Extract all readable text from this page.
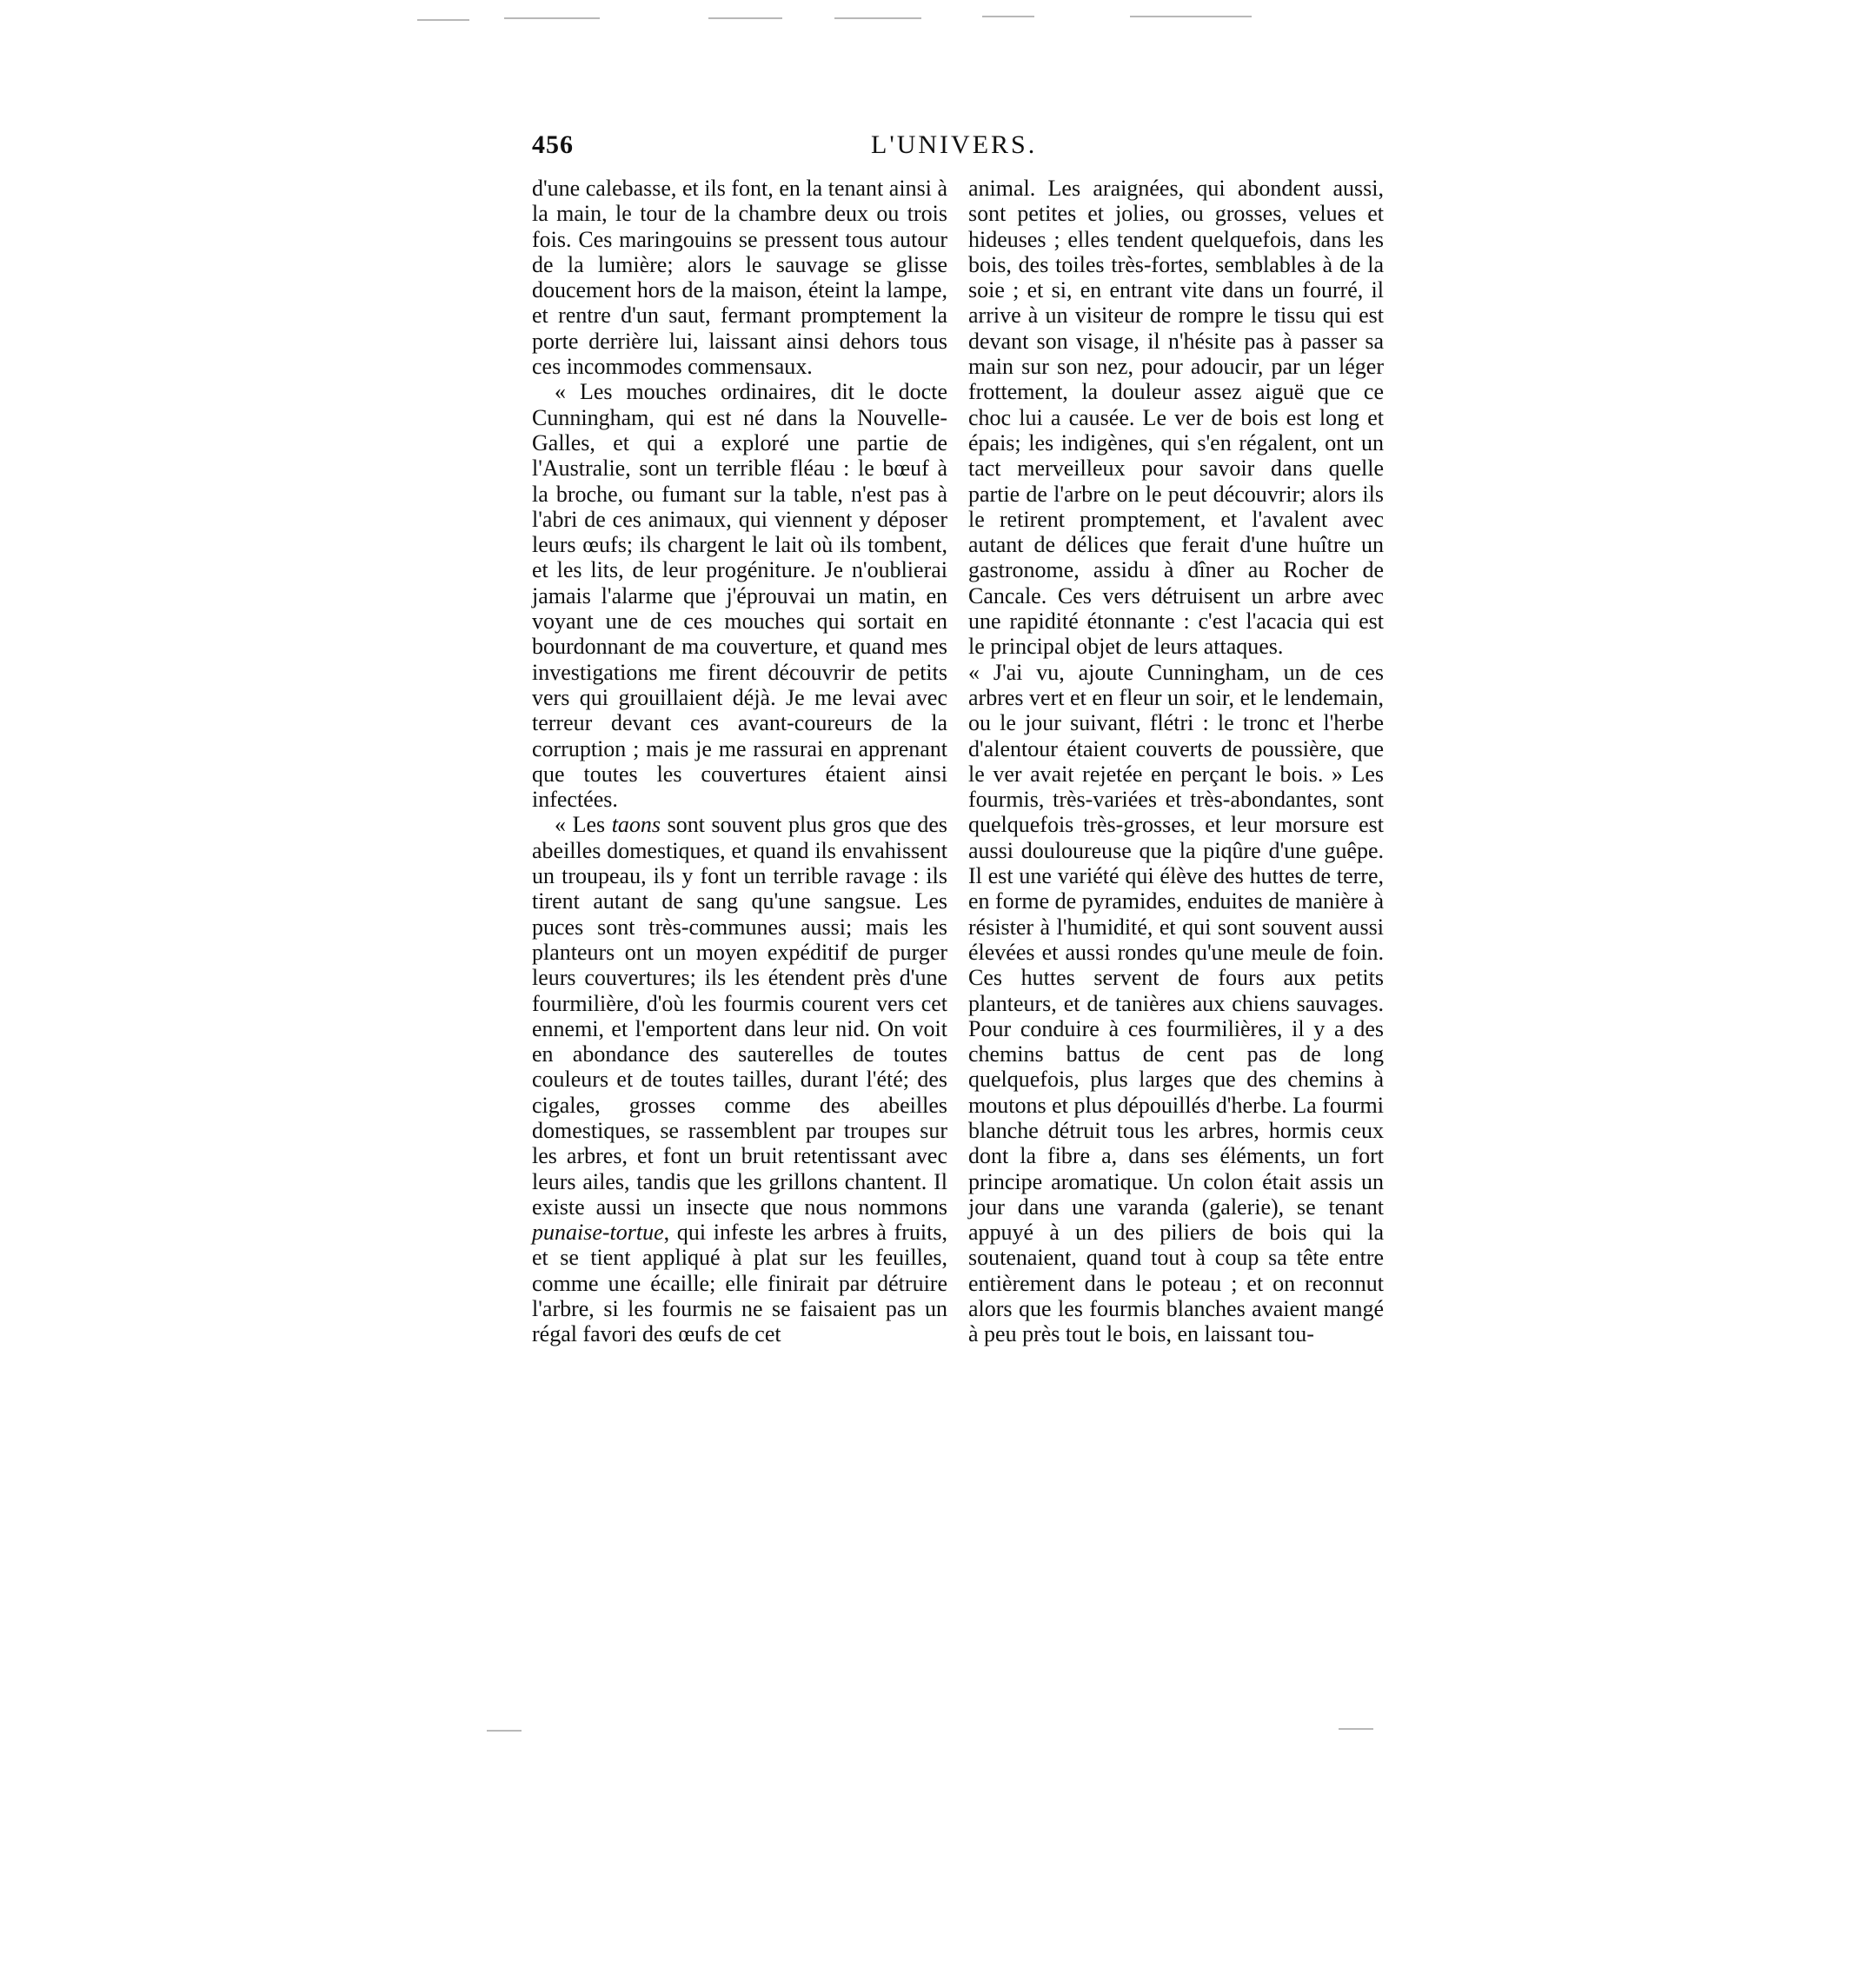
456	L'UNIVERS.

d'une calebasse, et ils font, en la tenant ainsi à la main, le tour de la chambre deux ou trois fois. Ces maringouins se pressent tous autour de la lumière; alors le sauvage se glisse doucement hors de la maison, éteint la lampe, et rentre d'un saut, fermant promptement la porte derrière lui, laissant ainsi dehors tous ces incommodes commensaux.

« Les mouches ordinaires, dit le docte Cunningham, qui est né dans la Nouvelle-Galles, et qui a exploré une partie de l'Australie, sont un terrible fléau : le bœuf à la broche, ou fumant sur la table, n'est pas à l'abri de ces animaux, qui viennent y déposer leurs œufs; ils chargent le lait où ils tombent, et les lits, de leur progéniture. Je n'oublierai jamais l'alarme que j'éprouvai un matin, en voyant une de ces mouches qui sortait en bourdonnant de ma couverture, et quand mes investigations me firent découvrir de petits vers qui grouillaient déjà. Je me levai avec terreur devant ces avant-coureurs de la corruption ; mais je me rassurai en apprenant que toutes les couvertures étaient ainsi infectées.

« Les taons sont souvent plus gros que des abeilles domestiques, et quand ils envahissent un troupeau, ils y font un terrible ravage : ils tirent autant de sang qu'une sangsue. Les puces sont très-communes aussi; mais les planteurs ont un moyen expéditif de purger leurs couvertures; ils les étendent près d'une fourmilière, d'où les fourmis courent vers cet ennemi, et l'emportent dans leur nid. On voit en abondance des sauterelles de toutes couleurs et de toutes tailles, durant l'été; des cigales, grosses comme des abeilles domestiques, se rassemblent par troupes sur les arbres, et font un bruit retentissant avec leurs ailes, tandis que les grillons chantent. Il existe aussi un insecte que nous nommons punaise-tortue, qui infeste les arbres à fruits, et se tient appliqué à plat sur les feuilles, comme une écaille; elle finirait par détruire l'arbre, si les fourmis ne se faisaient pas un régal favori des œufs de cet

animal. Les araignées, qui abondent aussi, sont petites et jolies, ou grosses, velues et hideuses ; elles tendent quelquefois, dans les bois, des toiles très-fortes, semblables à de la soie ; et si, en entrant vite dans un fourré, il arrive à un visiteur de rompre le tissu qui est devant son visage, il n'hésite pas à passer sa main sur son nez, pour adoucir, par un léger frottement, la douleur assez aiguë que ce choc lui a causée. Le ver de bois est long et épais; les indigènes, qui s'en régalent, ont un tact merveilleux pour savoir dans quelle partie de l'arbre on le peut découvrir; alors ils le retirent promptement, et l'avalent avec autant de délices que ferait d'une huître un gastronome, assidu à dîner au Rocher de Cancale. Ces vers détruisent un arbre avec une rapidité étonnante : c'est l'acacia qui est le principal objet de leurs attaques.

« J'ai vu, ajoute Cunningham, un de ces arbres vert et en fleur un soir, et le lendemain, ou le jour suivant, flétri : le tronc et l'herbe d'alentour étaient couverts de poussière, que le ver avait rejetée en perçant le bois. » Les fourmis, très-variées et très-abondantes, sont quelquefois très-grosses, et leur morsure est aussi douloureuse que la piqûre d'une guêpe. Il est une variété qui élève des huttes de terre, en forme de pyramides, enduites de manière à résister à l'humidité, et qui sont souvent aussi élevées et aussi rondes qu'une meule de foin. Ces huttes servent de fours aux petits planteurs, et de tanières aux chiens sauvages. Pour conduire à ces fourmilières, il y a des chemins battus de cent pas de long quelquefois, plus larges que des chemins à moutons et plus dépouillés d'herbe. La fourmi blanche détruit tous les arbres, hormis ceux dont la fibre a, dans ses éléments, un fort principe aromatique. Un colon était assis un jour dans une varanda (galerie), se tenant appuyé à un des piliers de bois qui la soutenaient, quand tout à coup sa tête entre entièrement dans le poteau ; et on reconnut alors que les fourmis blanches avaient mangé à peu près tout le bois, en laissant tou-
